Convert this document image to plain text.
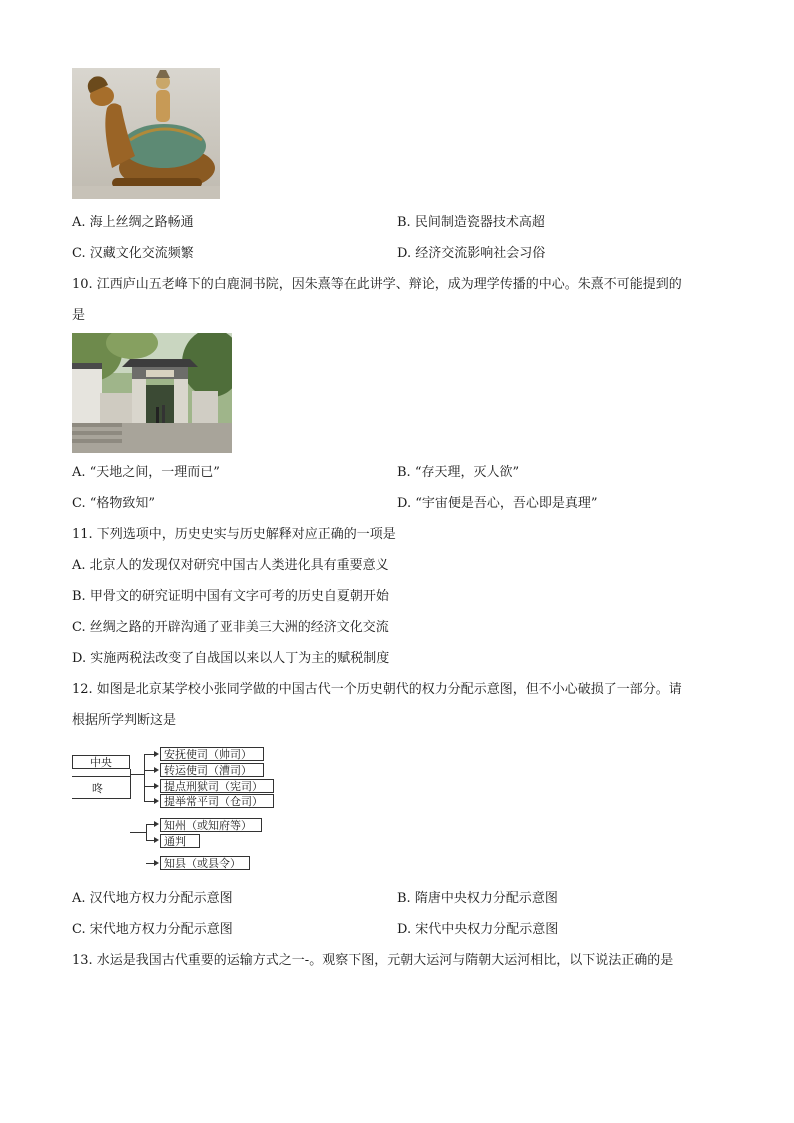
A. 海上丝绸之路畅通	B. 民间制造瓷器技术高超
C. 汉藏文化交流频繁	D. 经济交流影响社会习俗
10. 江西庐山五老峰下的白鹿洞书院，因朱熹等在此讲学、辩论，成为理学传播的中心。朱熹不可能提到的
是
A. “天地之间，一理而已”	B. “存天理，灭人欲”
C. “格物致知”	D. “宇宙便是吾心，吾心即是真理”
11. 下列选项中，历史史实与历史解释对应正确的一项是
A. 北京人的发现仅对研究中国古人类进化具有重要意义
B. 甲骨文的研究证明中国有文字可考的历史自夏朝开始
C. 丝绸之路的开辟沟通了亚非美三大洲的经济文化交流
D. 实施两税法改变了自战国以来以人丁为主的赋税制度
12. 如图是北京某学校小张同学做的中国古代一个历史朝代的权力分配示意图，但不小心破损了一部分。请
根据所学判断这是
中央
咚
安抚使司（帅司）
转运使司（漕司）
提点刑狱司（宪司）
提举常平司（仓司）
知州（或知府等）
通判
知县（或县令）
A. 汉代地方权力分配示意图	B. 隋唐中央权力分配示意图
C. 宋代地方权力分配示意图	D. 宋代中央权力分配示意图
13. 水运是我国古代重要的运输方式之一-。观察下图，元朝大运河与隋朝大运河相比，以下说法正确的是
